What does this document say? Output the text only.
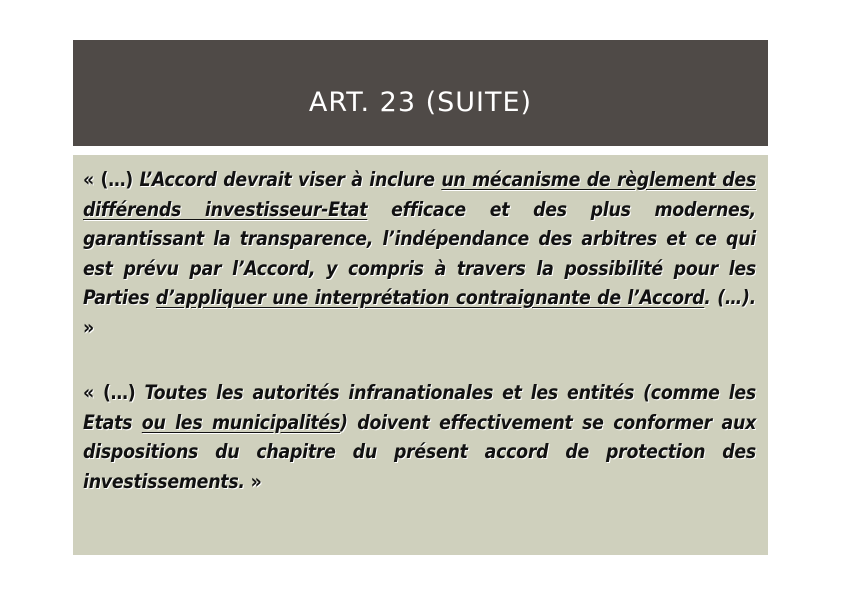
ART. 23 (SUITE)

« (…) L’Accord devrait viser à inclure un mécanisme de règlement des différends investisseur-Etat efficace et des plus modernes, garantissant la transparence, l’indépendance des arbitres et ce qui est prévu par l’Accord, y compris à travers la possibilité pour les Parties d’appliquer une interprétation contraignante de l’Accord. (…). »

« (…) Toutes les autorités infranationales et les entités (comme les Etats ou les municipalités) doivent effectivement se conformer aux dispositions du chapitre du présent accord de protection des investissements. »
